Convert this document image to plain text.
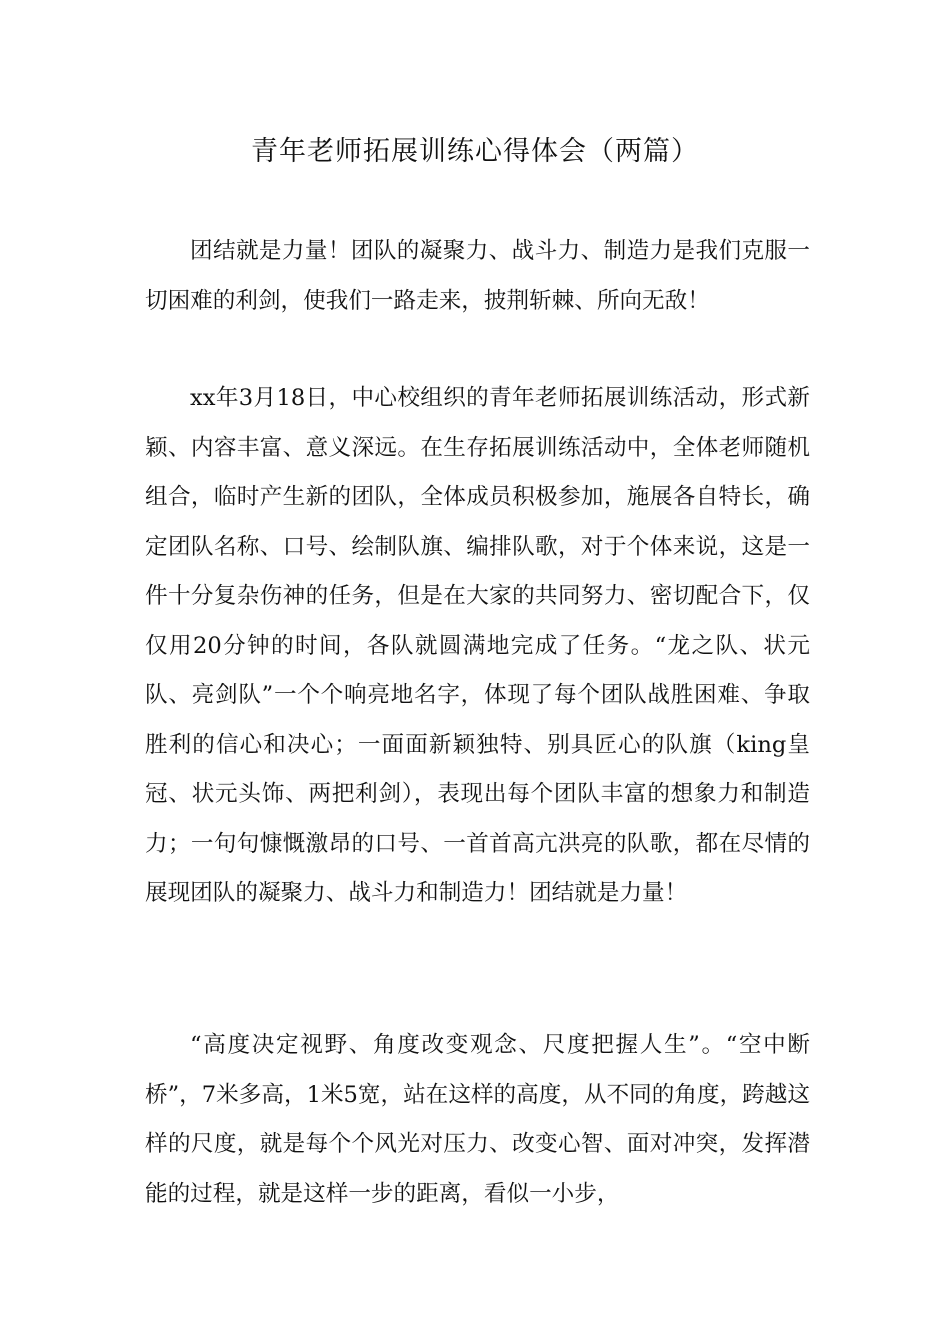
青年老师拓展训练心得体会（两篇）

团结就是力量！团队的凝聚力、战斗力、制造力是我们克服一切困难的利剑，使我们一路走来，披荆斩棘、所向无敌！

xx年3月18日，中心校组织的青年老师拓展训练活动，形式新颖、内容丰富、意义深远。在生存拓展训练活动中，全体老师随机组合，临时产生新的团队，全体成员积极参加，施展各自特长，确定团队名称、口号、绘制队旗、编排队歌，对于个体来说，这是一件十分复杂伤神的任务，但是在大家的共同努力、密切配合下，仅仅用20分钟的时间，各队就圆满地完成了任务。“龙之队、状元队、亮剑队”一个个响亮地名字，体现了每个团队战胜困难、争取胜利的信心和决心；一面面新颖独特、别具匠心的队旗（king皇冠、状元头饰、两把利剑），表现出每个团队丰富的想象力和制造力；一句句慷慨激昂的口号、一首首高亢洪亮的队歌，都在尽情的展现团队的凝聚力、战斗力和制造力！团结就是力量！

“高度决定视野、角度改变观念、尺度把握人生”。“空中断桥”，7米多高，1米5宽，站在这样的高度，从不同的角度，跨越这样的尺度，就是每个个风光对压力、改变心智、面对冲突，发挥潜能的过程，就是这样一步的距离，看似一小步，
